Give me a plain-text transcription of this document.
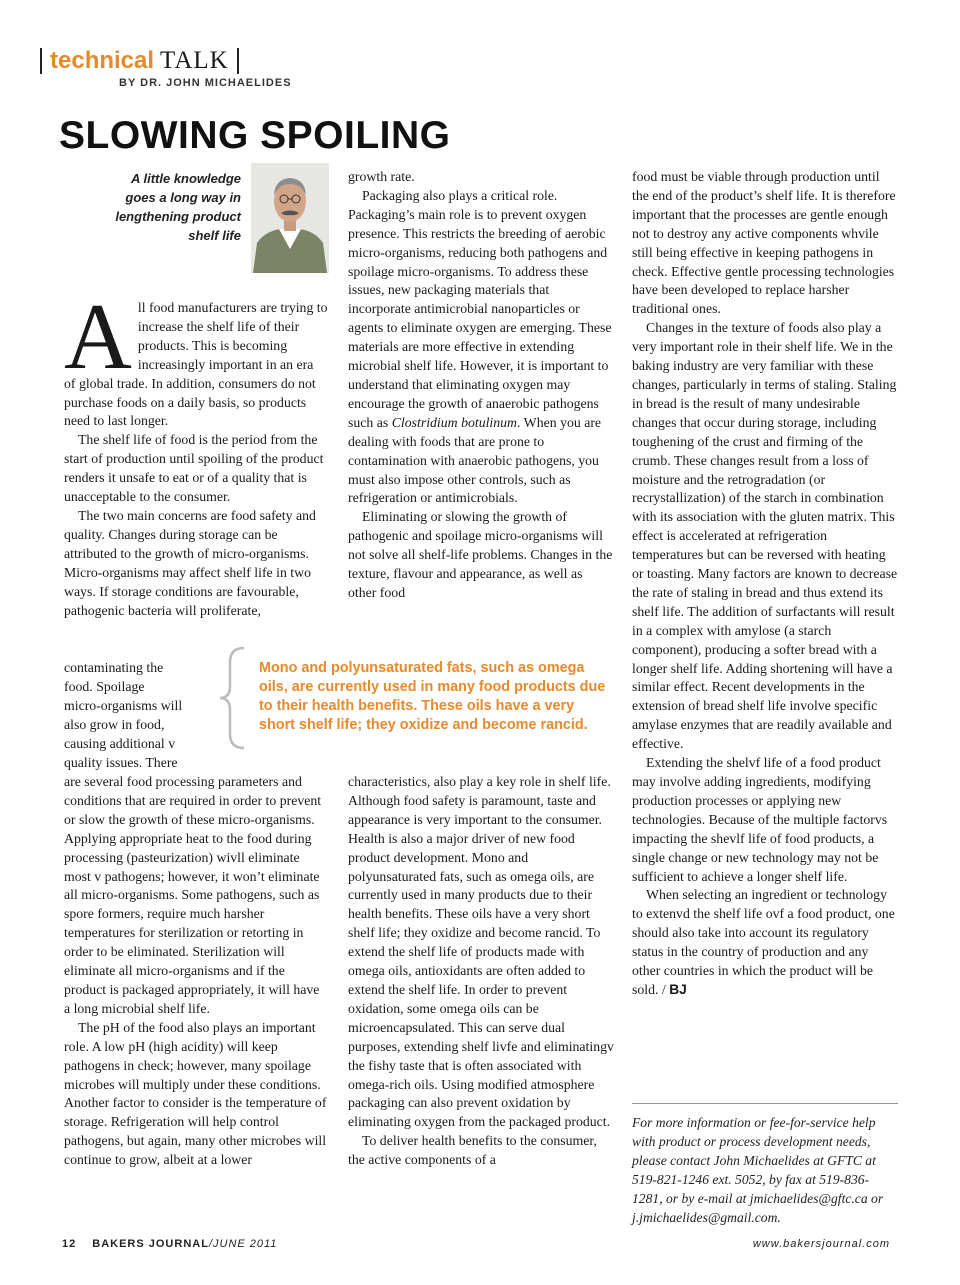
technical TALK
BY DR. JOHN MICHAELIDES
SLOWING SPOILING
A little knowledge goes a long way in lengthening product shelf life

All food manufacturers are trying to increase the shelf life of their products. This is becoming increasingly important in an era of global trade. In addition, consumers do not purchase foods on a daily basis, so products need to last longer.

The shelf life of food is the period from the start of production until spoiling of the product renders it unsafe to eat or of a quality that is unacceptable to the consumer.

The two main concerns are food safety and quality. Changes during storage can be attributed to the growth of micro-organisms. Micro-organisms may affect shelf life in two ways. If storage conditions are favourable, pathogenic bacteria will proliferate,

contaminating the
food. Spoilage
micro-organisms will
also grow in food,
causing additional v
quality issues. There

are several food processing parameters and conditions that are required in order to prevent or slow the growth of these micro-organisms. Applying appropriate heat to the food during processing (pasteurization) wivll eliminate most v pathogens; however, it won’t eliminate all micro-organisms. Some pathogens, such as spore formers, require much harsher temperatures for sterilization or retorting in order to be eliminated. Sterilization will eliminate all micro-organisms and if the product is packaged appropriately, it will have a long microbial shelf life.

The pH of the food also plays an important role. A low pH (high acidity) will keep pathogens in check; however, many spoilage microbes will multiply under these conditions. Another factor to consider is the temperature of storage. Refrigeration will help control pathogens, but again, many other microbes will continue to grow, albeit at a lower

growth rate.

Packaging also plays a critical role. Packaging’s main role is to prevent oxygen presence. This restricts the breeding of aerobic micro-organisms, reducing both pathogens and spoilage micro-organisms. To address these issues, new packaging materials that incorporate antimicrobial nanoparticles or agents to eliminate oxygen are emerging. These materials are more effective in extending microbial shelf life. However, it is important to understand that eliminating oxygen may encourage the growth of anaerobic pathogens such as Clostridium botulinum. When you are dealing with foods that are prone to contamination with anaerobic pathogens, you must also impose other controls, such as refrigeration or antimicrobials.

Eliminating or slowing the growth of pathogenic and spoilage micro-organisms will not solve all shelf-life problems. Changes in the texture, flavour and appearance, as well as other food

Mono and polyunsaturated fats, such as omega oils, are currently used in many food products due to their health benefits. These oils have a very short shelf life; they oxidize and become rancid.

characteristics, also play a key role in shelf life. Although food safety is paramount, taste and appearance is very important to the consumer. Health is also a major driver of new food product development. Mono and polyunsaturated fats, such as omega oils, are currently used in many products due to their health benefits. These oils have a very short shelf life; they oxidize and become rancid. To extend the shelf life of products made with omega oils, antioxidants are often added to extend the shelf life. In order to prevent oxidation, some omega oils can be microencapsulated. This can serve dual purposes, extending shelf livfe and eliminatingv the fishy taste that is often associated with omega-rich oils. Using modified atmosphere packaging can also prevent oxidation by eliminating oxygen from the packaged product.

To deliver health benefits to the consumer, the active components of a

food must be viable through production until the end of the product’s shelf life. It is therefore important that the processes are gentle enough not to destroy any active components whvile still being effective in keeping pathogens in check. Effective gentle processing technologies have been developed to replace harsher traditional ones.

Changes in the texture of foods also play a very important role in their shelf life. We in the baking industry are very familiar with these changes, particularly in terms of staling. Staling in bread is the result of many undesirable changes that occur during storage, including toughening of the crust and firming of the crumb. These changes result from a loss of moisture and the retrogradation (or recrystallization) of the starch in combination with its association with the gluten matrix. This effect is accelerated at refrigeration temperatures but can be reversed with heating or toasting. Many factors are known to decrease the rate of staling in bread and thus extend its shelf life. The addition of surfactants will result in a complex with amylose (a starch component), producing a softer bread with a longer shelf life. Adding shortening will have a similar effect. Recent developments in the extension of bread shelf life involve specific amylase enzymes that are readily available and effective.

Extending the shelvf life of a food product may involve adding ingredients, modifying production processes or applying new technologies. Because of the multiple factorvs impacting the shevlf life of food products, a single change or new technology may not be sufficient to achieve a longer shelf life.

When selecting an ingredient or technology to extenvd the shelf life ovf a food product, one should also take into account its regulatory status in the country of production and any other countries in which the product will be sold. / BJ

For more information or fee-for-service help with product or process development needs, please contact John Michaelides at GFTC at 519-821-1246 ext. 5052, by fax at 519-836-1281, or by e-mail at jmichaelides@gftc.ca or j.jmichaelides@gmail.com.
12 BAKERS JOURNAL/JUNE 2011	www.bakersjournal.com
